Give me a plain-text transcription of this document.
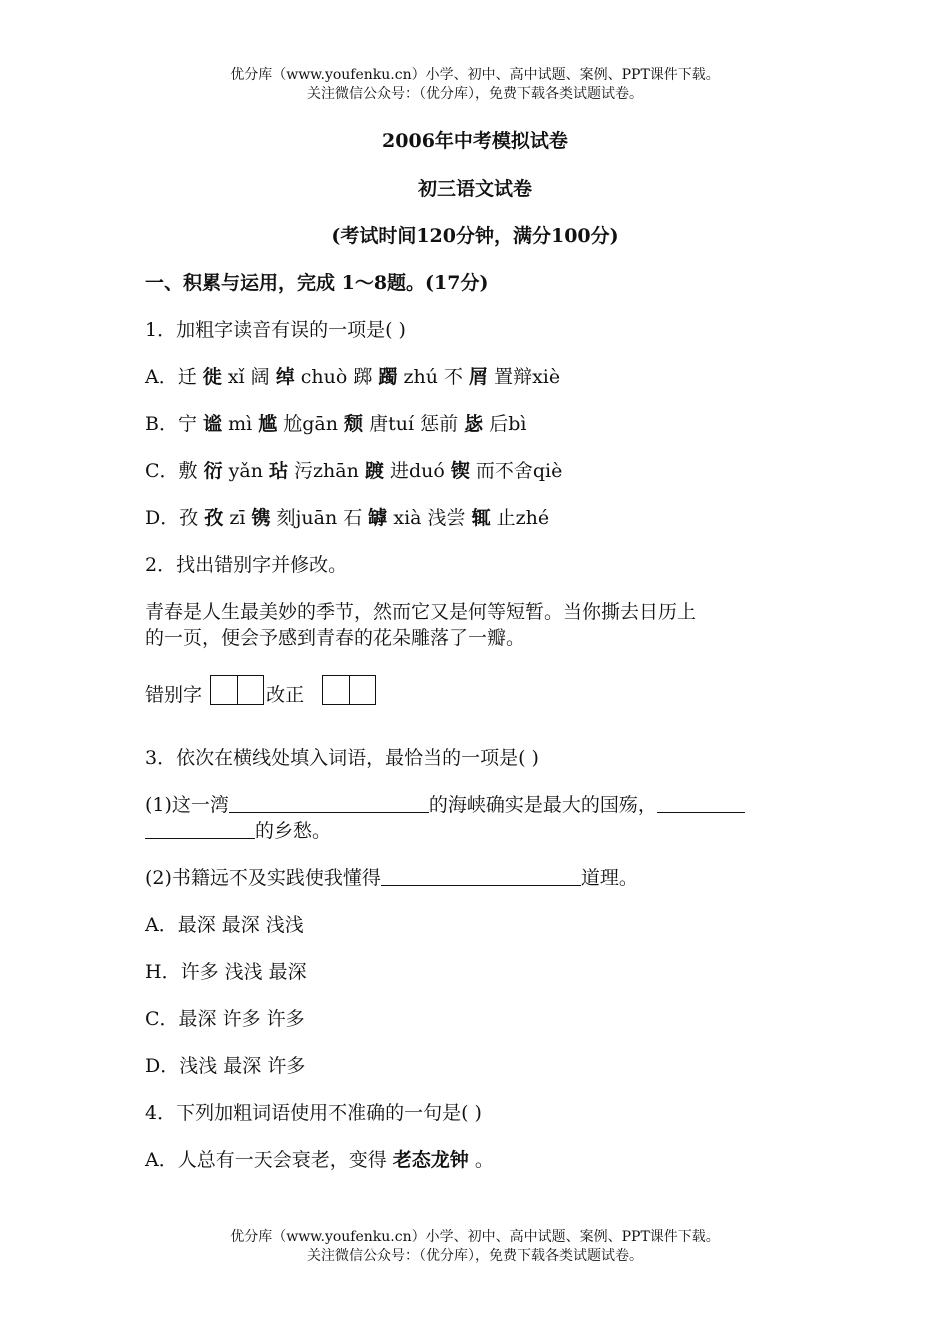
优分库（www.youfenku.cn）小学、初中、高中试题、案例、PPT课件下载。
关注微信公众号：（优分库），免费下载各类试题试卷。
2006年中考模拟试卷
初三语文试卷
(考试时间120分钟，满分100分)
一、积累与运用，完成 1～8题。(17分)
1．加粗字读音有误的一项是( )
A．迁 徙 xǐ 阔 绰 chuò 踯 躅 zhú 不 屑 置辩xiè
B．宁 谧 mì 尴 尬gān 颓 唐tuí 惩前 毖 后bì
C．敷 衍 yǎn 玷 污zhān 踱 进duó 锲 而不舍qiè
D．孜 孜 zī 镌 刻juān 石 罅 xià 浅尝 辄 止zhé
2．找出错别字并修改。
青春是人生最美妙的季节，然而它又是何等短暂。当你撕去日历上
的一页，便会予感到青春的花朵雕落了一瓣。
错别字	改正
3．依次在横线处填入词语，最恰当的一项是( )
(1)这一湾	的海峡确实是最大的国殇，
的乡愁。
(2)书籍远不及实践使我懂得	道理。
A．最深 最深 浅浅
H．许多 浅浅 最深
C．最深 许多 许多
D．浅浅 最深 许多
4．下列加粗词语使用不准确的一句是( )
A．人总有一天会衰老，变得 老态龙钟 。
优分库（www.youfenku.cn）小学、初中、高中试题、案例、PPT课件下载。
关注微信公众号：（优分库），免费下载各类试题试卷。
